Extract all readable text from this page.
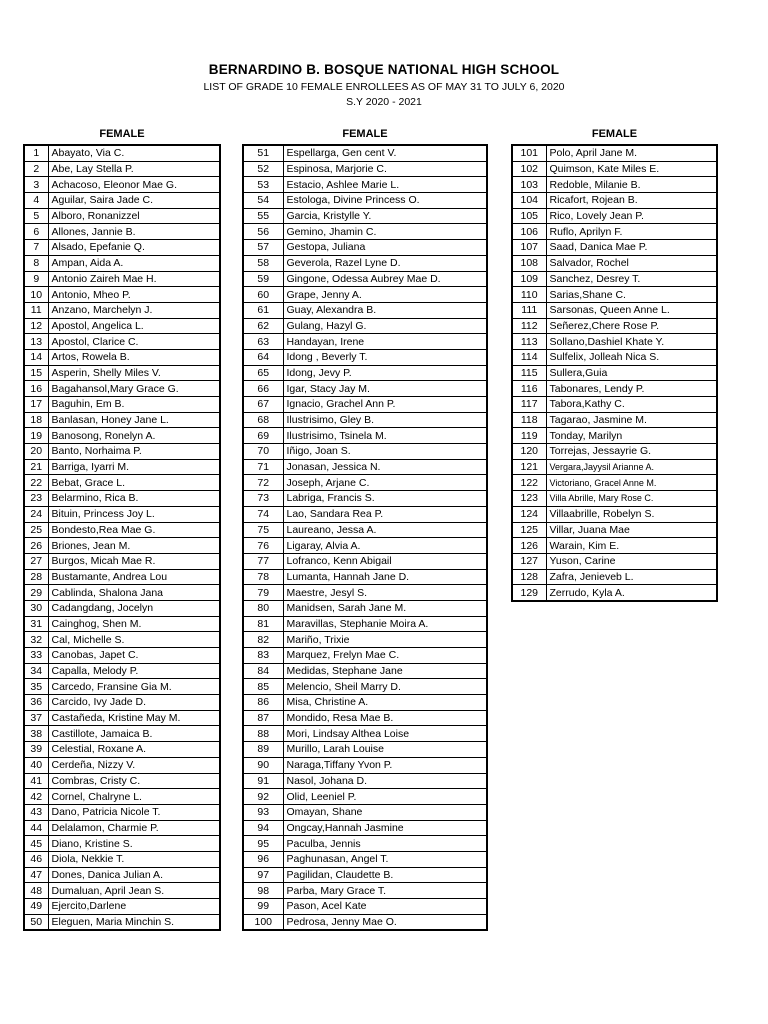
BERNARDINO B. BOSQUE NATIONAL HIGH SCHOOL
LIST OF GRADE 10 FEMALE ENROLLEES AS OF MAY 31 TO JULY 6, 2020
S.Y 2020 - 2021
FEMALE	FEMALE	FEMALE
1	Abayato, Via C.
2	Abe, Lay Stella P.
3	Achacoso, Eleonor Mae G.
4	Aguilar, Saira Jade C.
5	Alboro, Ronanizzel
6	Allones, Jannie B.
7	Alsado, Epefanie Q.
8	Ampan, Aida A.
9	Antonio Zaireh Mae H.
10	Antonio, Mheo P.
11	Anzano, Marchelyn J.
12	Apostol, Angelica L.
13	Apostol, Clarice C.
14	Artos, Rowela B.
15	Asperin, Shelly Miles V.
16	Bagahansol,Mary Grace G.
17	Baguhin, Em B.
18	Banlasan, Honey Jane L.
19	Banosong, Ronelyn A.
20	Banto, Norhaima P.
21	Barriga, Iyarri M.
22	Bebat, Grace L.
23	Belarmino, Rica B.
24	Bituin, Princess Joy L.
25	Bondesto,Rea Mae G.
26	Briones, Jean M.
27	Burgos, Micah Mae R.
28	Bustamante, Andrea Lou
29	Cablinda, Shalona Jana
30	Cadangdang, Jocelyn
31	Cainghog, Shen M.
32	Cal, Michelle S.
33	Canobas, Japet C.
34	Capalla, Melody P.
35	Carcedo, Fransine Gia M.
36	Carcido, Ivy Jade D.
37	Castañeda, Kristine May M.
38	Castillote, Jamaica B.
39	Celestial, Roxane A.
40	Cerdeña, Nizzy V.
41	Combras, Cristy C.
42	Cornel, Chalryne L.
43	Dano, Patricia Nicole T.
44	Delalamon, Charmie P.
45	Diano, Kristine S.
46	Diola, Nekkie T.
47	Dones, Danica Julian A.
48	Dumaluan, April Jean S.
49	Ejercito,Darlene
50	Eleguen, Maria Minchin S.
51	Espellarga, Gen cent V.
52	Espinosa, Marjorie C.
53	Estacio, Ashlee Marie L.
54	Estologa, Divine Princess O.
55	Garcia, Kristylle Y.
56	Gemino, Jhamin C.
57	Gestopa, Juliana
58	Geverola, Razel Lyne D.
59	Gingone, Odessa Aubrey Mae D.
60	Grape, Jenny A.
61	Guay, Alexandra B.
62	Gulang, Hazyl G.
63	Handayan, Irene
64	Idong , Beverly T.
65	Idong, Jevy P.
66	Igar, Stacy Jay M.
67	Ignacio, Grachel Ann P.
68	Ilustrisimo, Gley B.
69	Ilustrisimo, Tsinela M.
70	Iñigo, Joan S.
71	Jonasan, Jessica N.
72	Joseph, Arjane C.
73	Labriga, Francis S.
74	Lao, Sandara Rea P.
75	Laureano, Jessa A.
76	Ligaray, Alvia A.
77	Lofranco, Kenn Abigail
78	Lumanta, Hannah Jane D.
79	Maestre, Jesyl S.
80	Manidsen, Sarah Jane M.
81	Maravillas, Stephanie Moira A.
82	Mariño, Trixie
83	Marquez, Frelyn Mae C.
84	Medidas, Stephane Jane
85	Melencio, Sheil Marry D.
86	Misa, Christine A.
87	Mondido, Resa Mae B.
88	Mori, Lindsay Althea Loise
89	Murillo, Larah Louise
90	Naraga,Tiffany Yvon P.
91	Nasol, Johana D.
92	Olid, Leeniel P.
93	Omayan, Shane
94	Ongcay,Hannah Jasmine
95	Paculba, Jennis
96	Paghunasan, Angel T.
97	Pagilidan, Claudette B.
98	Parba, Mary Grace T.
99	Pason, Acel Kate
100	Pedrosa, Jenny Mae O.
101	Polo, April Jane M.
102	Quimson, Kate Miles E.
103	Redoble, Milanie B.
104	Ricafort, Rojean B.
105	Rico, Lovely Jean P.
106	Ruflo, Aprilyn F.
107	Saad, Danica Mae P.
108	Salvador, Rochel
109	Sanchez, Desrey T.
110	Sarias,Shane C.
111	Sarsonas, Queen Anne L.
112	Señerez,Chere Rose P.
113	Sollano,Dashiel Khate Y.
114	Sulfelix, Jolleah Nica S.
115	Sullera,Guia
116	Tabonares, Lendy P.
117	Tabora,Kathy C.
118	Tagarao, Jasmine M.
119	Tonday, Marilyn
120	Torrejas, Jessayrie G.
121	Vergara,Jayysil Arianne A.
122	Victoriano, Gracel Anne M.
123	Villa Abrille, Mary Rose C.
124	Villaabrille, Robelyn S.
125	Villar, Juana Mae
126	Warain, Kim E.
127	Yuson, Carine
128	Zafra, Jenieveb L.
129	Zerrudo, Kyla A.
